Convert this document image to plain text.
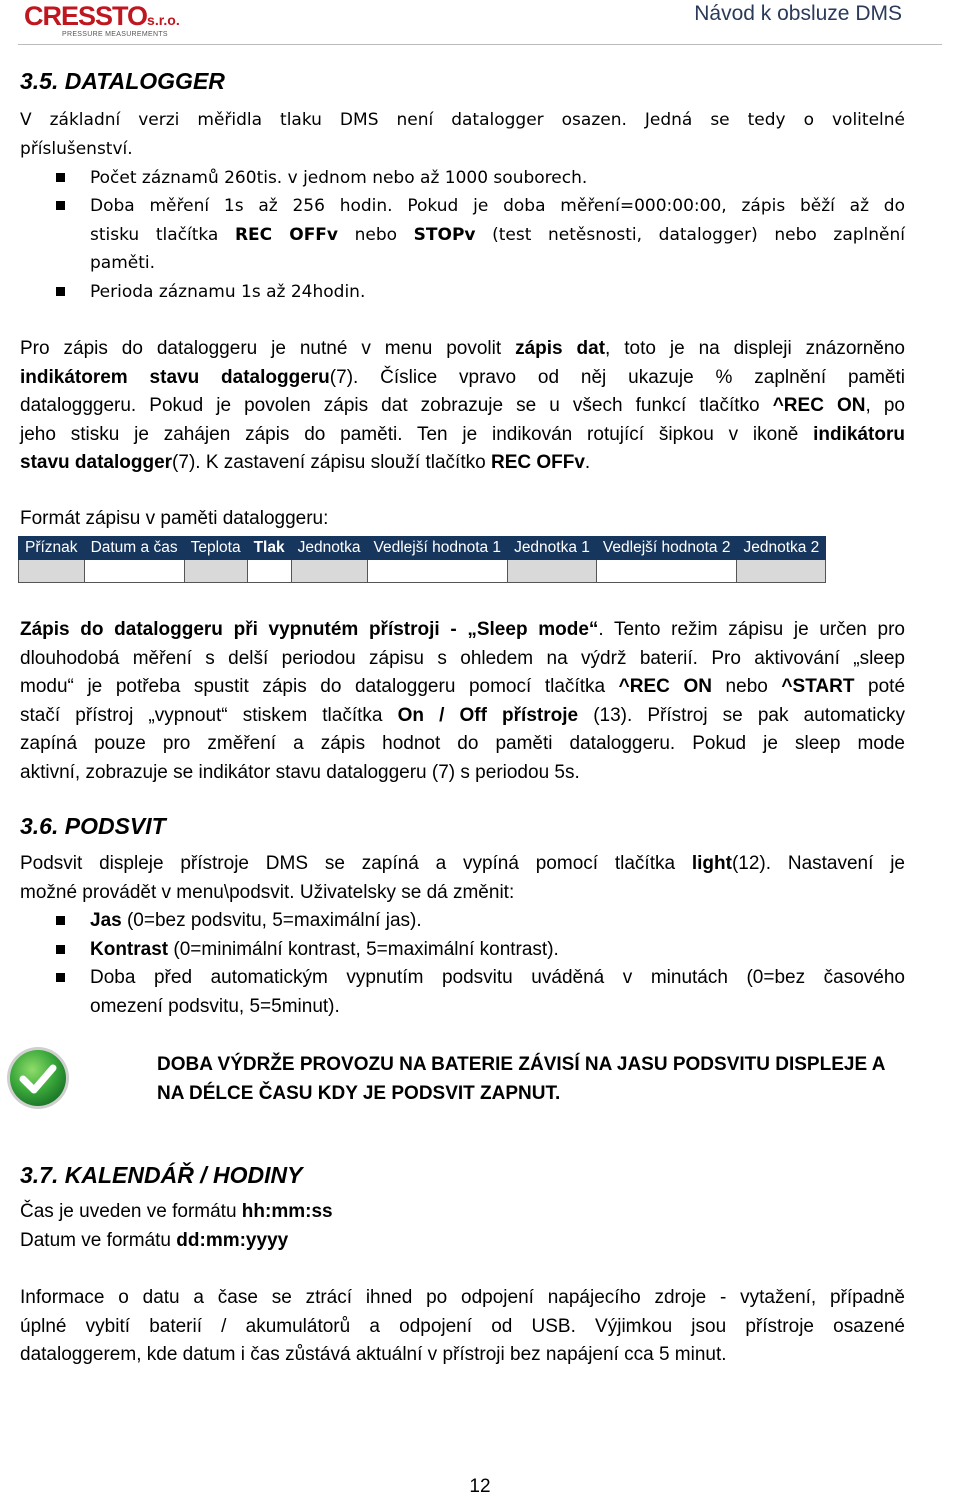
CRESSTOs.r.o.
PRESSURE MEASUREMENTS
Návod k obsluze DMS
3.5. DATALOGGER
V základní verzi měřidla tlaku DMS není datalogger osazen. Jedná se tedy o volitelné
příslušenství.
Počet záznamů 260tis. v jednom nebo až 1000 souborech.
Doba měření 1s až 256 hodin. Pokud je doba měření=000:00:00, zápis běží až do
stisku tlačítka REC OFFv nebo STOPv (test netěsnosti, datalogger) nebo zaplnění
paměti.
Perioda záznamu 1s až 24hodin.
Pro zápis do dataloggeru je nutné v menu povolit zápis dat, toto je na displeji znázorněno
indikátorem stavu dataloggeru(7). Číslice vpravo od něj ukazuje % zaplnění paměti
datalogggeru. Pokud je povolen zápis dat zobrazuje se u všech funkcí tlačítko ^REC ON, po
jeho stisku je zahájen zápis do paměti. Ten je indikován rotující šipkou v ikoně indikátoru
stavu datalogger(7). K zastavení zápisu slouží tlačítko REC OFFv.
Formát zápisu v paměti dataloggeru:
Příznak	Datum a čas	Teplota	Tlak	Jednotka	Vedlejší hodnota 1	Jednotka 1	Vedlejší hodnota 2	Jednotka 2

Zápis do dataloggeru při vypnutém přístroji - „Sleep mode“. Tento režim zápisu je určen pro
dlouhodobá měření s delší periodou zápisu s ohledem na výdrž baterií. Pro aktivování „sleep
modu“ je potřeba spustit zápis do dataloggeru pomocí tlačítka ^REC ON nebo ^START poté
stačí přístroj „vypnout“ stiskem tlačítka On / Off přístroje (13). Přístroj se pak automaticky
zapíná pouze pro změření a zápis hodnot do paměti dataloggeru. Pokud je sleep mode
aktivní, zobrazuje se indikátor stavu dataloggeru (7) s periodou 5s.
3.6. PODSVIT
Podsvit displeje přístroje DMS se zapíná a vypíná pomocí tlačítka light(12). Nastavení je
možné provádět v menu\podsvit. Uživatelsky se dá změnit:
Jas (0=bez podsvitu, 5=maximální jas).
Kontrast (0=minimální kontrast, 5=maximální kontrast).
Doba před automatickým vypnutím podsvitu uváděná v minutách (0=bez časového
omezení podsvitu, 5=5minut).
DOBA VÝDRŽE PROVOZU NA BATERIE ZÁVISÍ NA JASU PODSVITU DISPLEJE A
NA DÉLCE ČASU KDY JE PODSVIT ZAPNUT.
3.7. KALENDÁŘ / HODINY
Čas je uveden ve formátu hh:mm:ss
Datum ve formátu dd:mm:yyyy
Informace o datu a čase se ztrácí ihned po odpojení napájecího zdroje - vytažení, případně
úplné vybití baterií / akumulátorů a odpojení od USB. Výjimkou jsou přístroje osazené
dataloggerem, kde datum i čas zůstává aktuální v přístroji bez napájení cca 5 minut.
12
